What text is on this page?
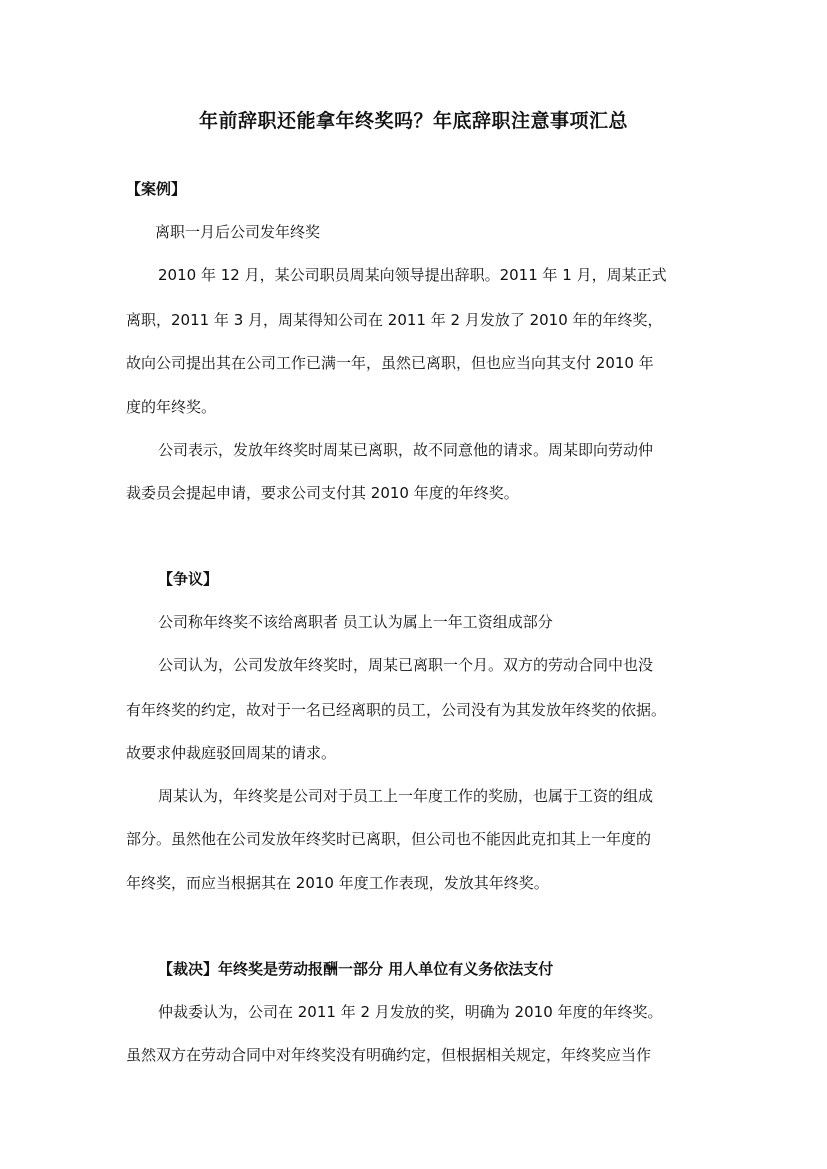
年前辞职还能拿年终奖吗？年底辞职注意事项汇总
【案例】
离职一月后公司发年终奖
2010 年 12 月，某公司职员周某向领导提出辞职。2011 年 1 月，周某正式
离职，2011 年 3 月，周某得知公司在 2011 年 2 月发放了 2010 年的年终奖，
故向公司提出其在公司工作已满一年，虽然已离职，但也应当向其支付 2010 年
度的年终奖。
公司表示，发放年终奖时周某已离职，故不同意他的请求。周某即向劳动仲
裁委员会提起申请，要求公司支付其 2010 年度的年终奖。
【争议】
公司称年终奖不该给离职者 员工认为属上一年工资组成部分
公司认为，公司发放年终奖时，周某已离职一个月。双方的劳动合同中也没
有年终奖的约定，故对于一名已经离职的员工，公司没有为其发放年终奖的依据。
故要求仲裁庭驳回周某的请求。
周某认为，年终奖是公司对于员工上一年度工作的奖励，也属于工资的组成
部分。虽然他在公司发放年终奖时已离职，但公司也不能因此克扣其上一年度的
年终奖，而应当根据其在 2010 年度工作表现，发放其年终奖。
【裁决】年终奖是劳动报酬一部分 用人单位有义务依法支付
仲裁委认为，公司在 2011 年 2 月发放的奖，明确为 2010 年度的年终奖。
虽然双方在劳动合同中对年终奖没有明确约定，但根据相关规定，年终奖应当作
